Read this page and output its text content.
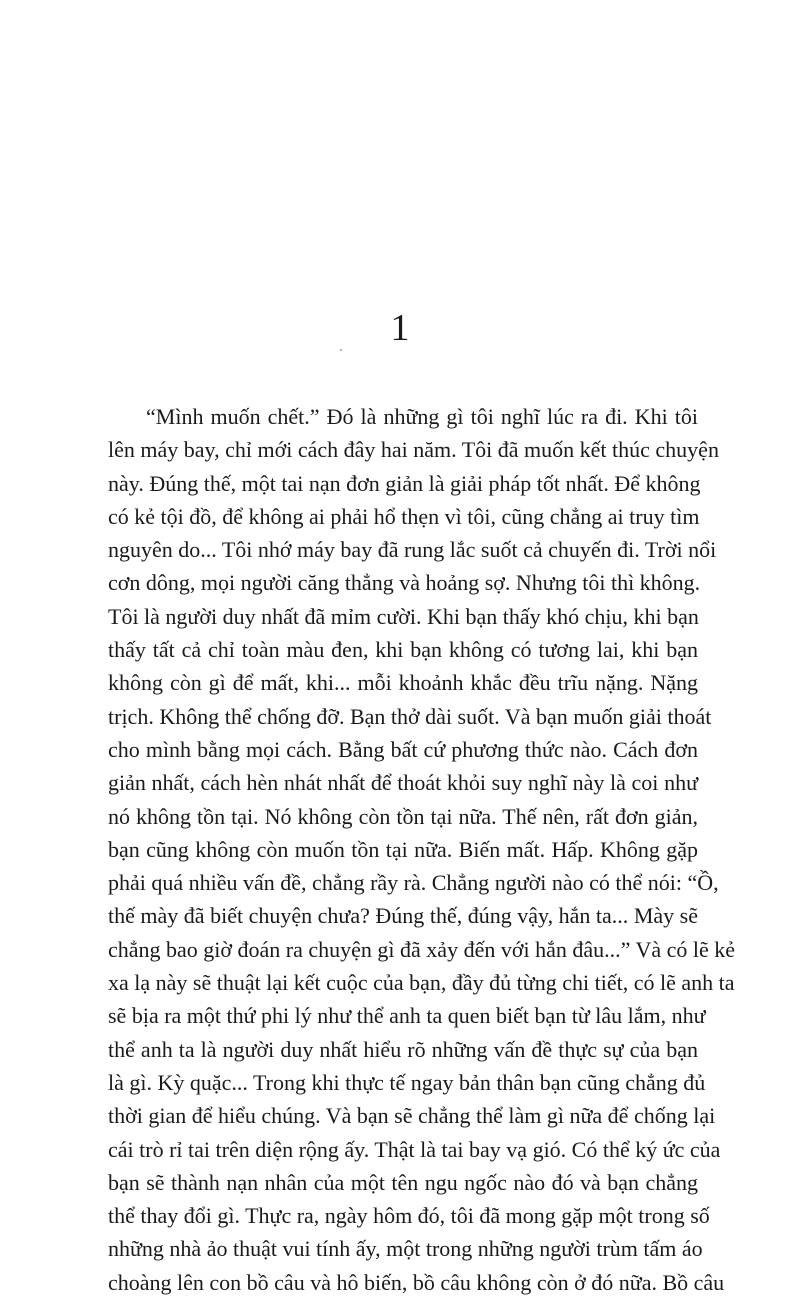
1
“Mình muốn chết.” Đó là những gì tôi nghĩ lúc ra đi. Khi tôi
lên máy bay, chỉ mới cách đây hai năm. Tôi đã muốn kết thúc chuyện
này. Đúng thế, một tai nạn đơn giản là giải pháp tốt nhất. Để không
có kẻ tội đồ, để không ai phải hổ thẹn vì tôi, cũng chẳng ai truy tìm
nguyên do... Tôi nhớ máy bay đã rung lắc suốt cả chuyến đi. Trời nổi
cơn dông, mọi người căng thẳng và hoảng sợ. Nhưng tôi thì không.
Tôi là người duy nhất đã mỉm cười. Khi bạn thấy khó chịu, khi bạn
thấy tất cả chỉ toàn màu đen, khi bạn không có tương lai, khi bạn
không còn gì để mất, khi... mỗi khoảnh khắc đều trĩu nặng. Nặng
trịch. Không thể chống đỡ. Bạn thở dài suốt. Và bạn muốn giải thoát
cho mình bằng mọi cách. Bằng bất cứ phương thức nào. Cách đơn
giản nhất, cách hèn nhát nhất để thoát khỏi suy nghĩ này là coi như
nó không tồn tại. Nó không còn tồn tại nữa. Thế nên, rất đơn giản,
bạn cũng không còn muốn tồn tại nữa. Biến mất. Hấp. Không gặp
phải quá nhiều vấn đề, chẳng rầy rà. Chẳng người nào có thể nói: “Ồ,
thế mày đã biết chuyện chưa? Đúng thế, đúng vậy, hắn ta... Mày sẽ
chẳng bao giờ đoán ra chuyện gì đã xảy đến với hắn đâu...” Và có lẽ kẻ
xa lạ này sẽ thuật lại kết cuộc của bạn, đầy đủ từng chi tiết, có lẽ anh ta
sẽ bịa ra một thứ phi lý như thể anh ta quen biết bạn từ lâu lắm, như
thể anh ta là người duy nhất hiểu rõ những vấn đề thực sự của bạn
là gì. Kỳ quặc... Trong khi thực tế ngay bản thân bạn cũng chẳng đủ
thời gian để hiểu chúng. Và bạn sẽ chẳng thể làm gì nữa để chống lại
cái trò rỉ tai trên diện rộng ấy. Thật là tai bay vạ gió. Có thể ký ức của
bạn sẽ thành nạn nhân của một tên ngu ngốc nào đó và bạn chẳng
thể thay đổi gì. Thực ra, ngày hôm đó, tôi đã mong gặp một trong số
những nhà ảo thuật vui tính ấy, một trong những người trùm tấm áo
choàng lên con bồ câu và hô biến, bồ câu không còn ở đó nữa. Bồ câu
